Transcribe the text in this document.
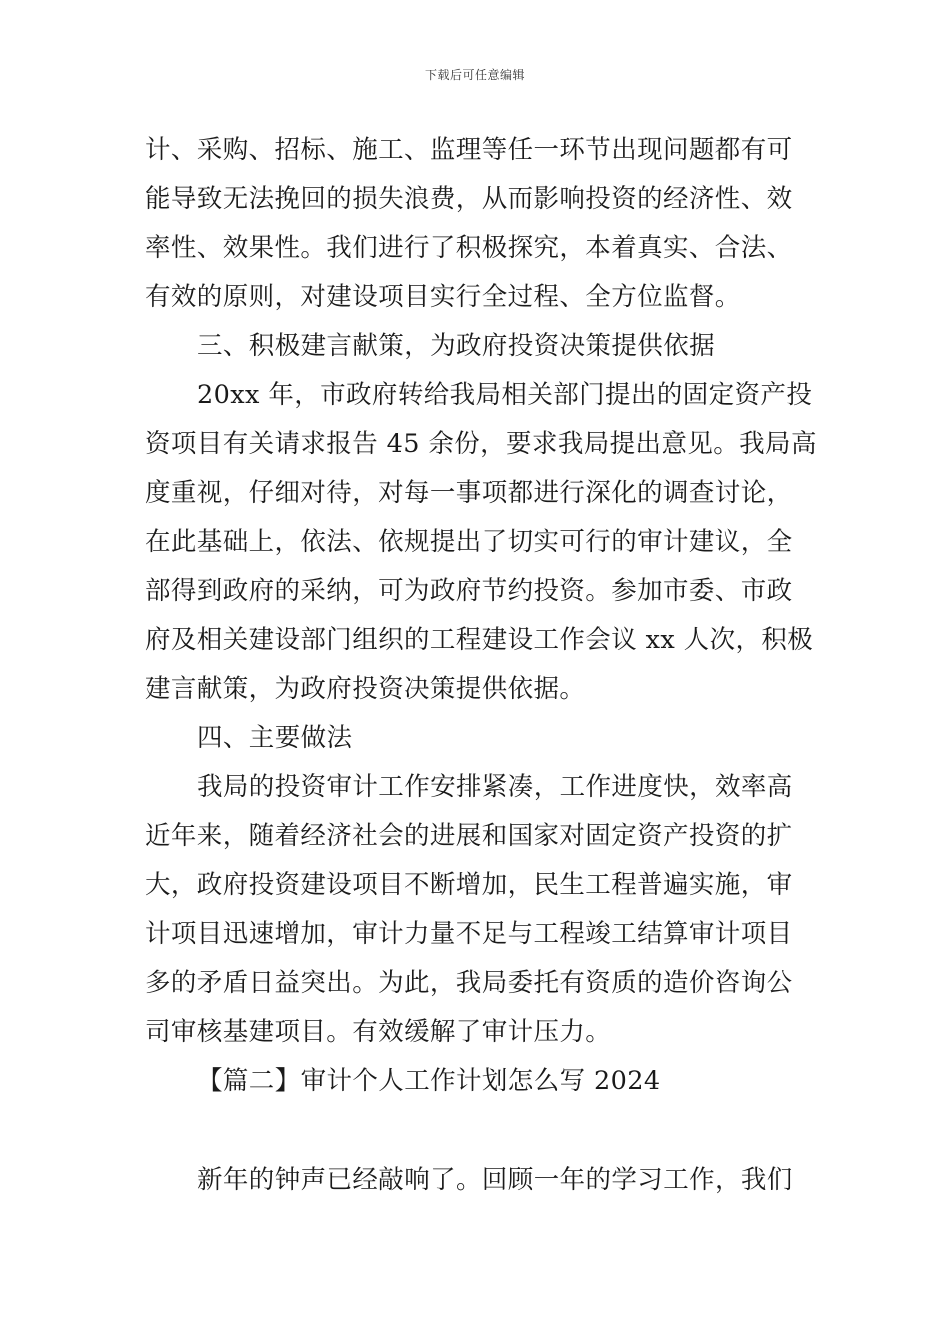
下载后可任意编辑
计、采购、招标、施工、监理等任一环节出现问题都有可
能导致无法挽回的损失浪费，从而影响投资的经济性、效
率性、效果性。我们进行了积极探究，本着真实、合法、
有效的原则，对建设项目实行全过程、全方位监督。
三、积极建言献策，为政府投资决策提供依据
20xx 年，市政府转给我局相关部门提出的固定资产投
资项目有关请求报告 45 余份，要求我局提出意见。我局高
度重视，仔细对待，对每一事项都进行深化的调查讨论，
在此基础上，依法、依规提出了切实可行的审计建议，全
部得到政府的采纳，可为政府节约投资。参加市委、市政
府及相关建设部门组织的工程建设工作会议 xx 人次，积极
建言献策，为政府投资决策提供依据。
四、主要做法
我局的投资审计工作安排紧凑，工作进度快，效率高
近年来，随着经济社会的进展和国家对固定资产投资的扩
大，政府投资建设项目不断增加，民生工程普遍实施，审
计项目迅速增加，审计力量不足与工程竣工结算审计项目
多的矛盾日益突出。为此，我局委托有资质的造价咨询公
司审核基建项目。有效缓解了审计压力。
【篇二】审计个人工作计划怎么写 2024
新年的钟声已经敲响了。回顾一年的学习工作，我们
